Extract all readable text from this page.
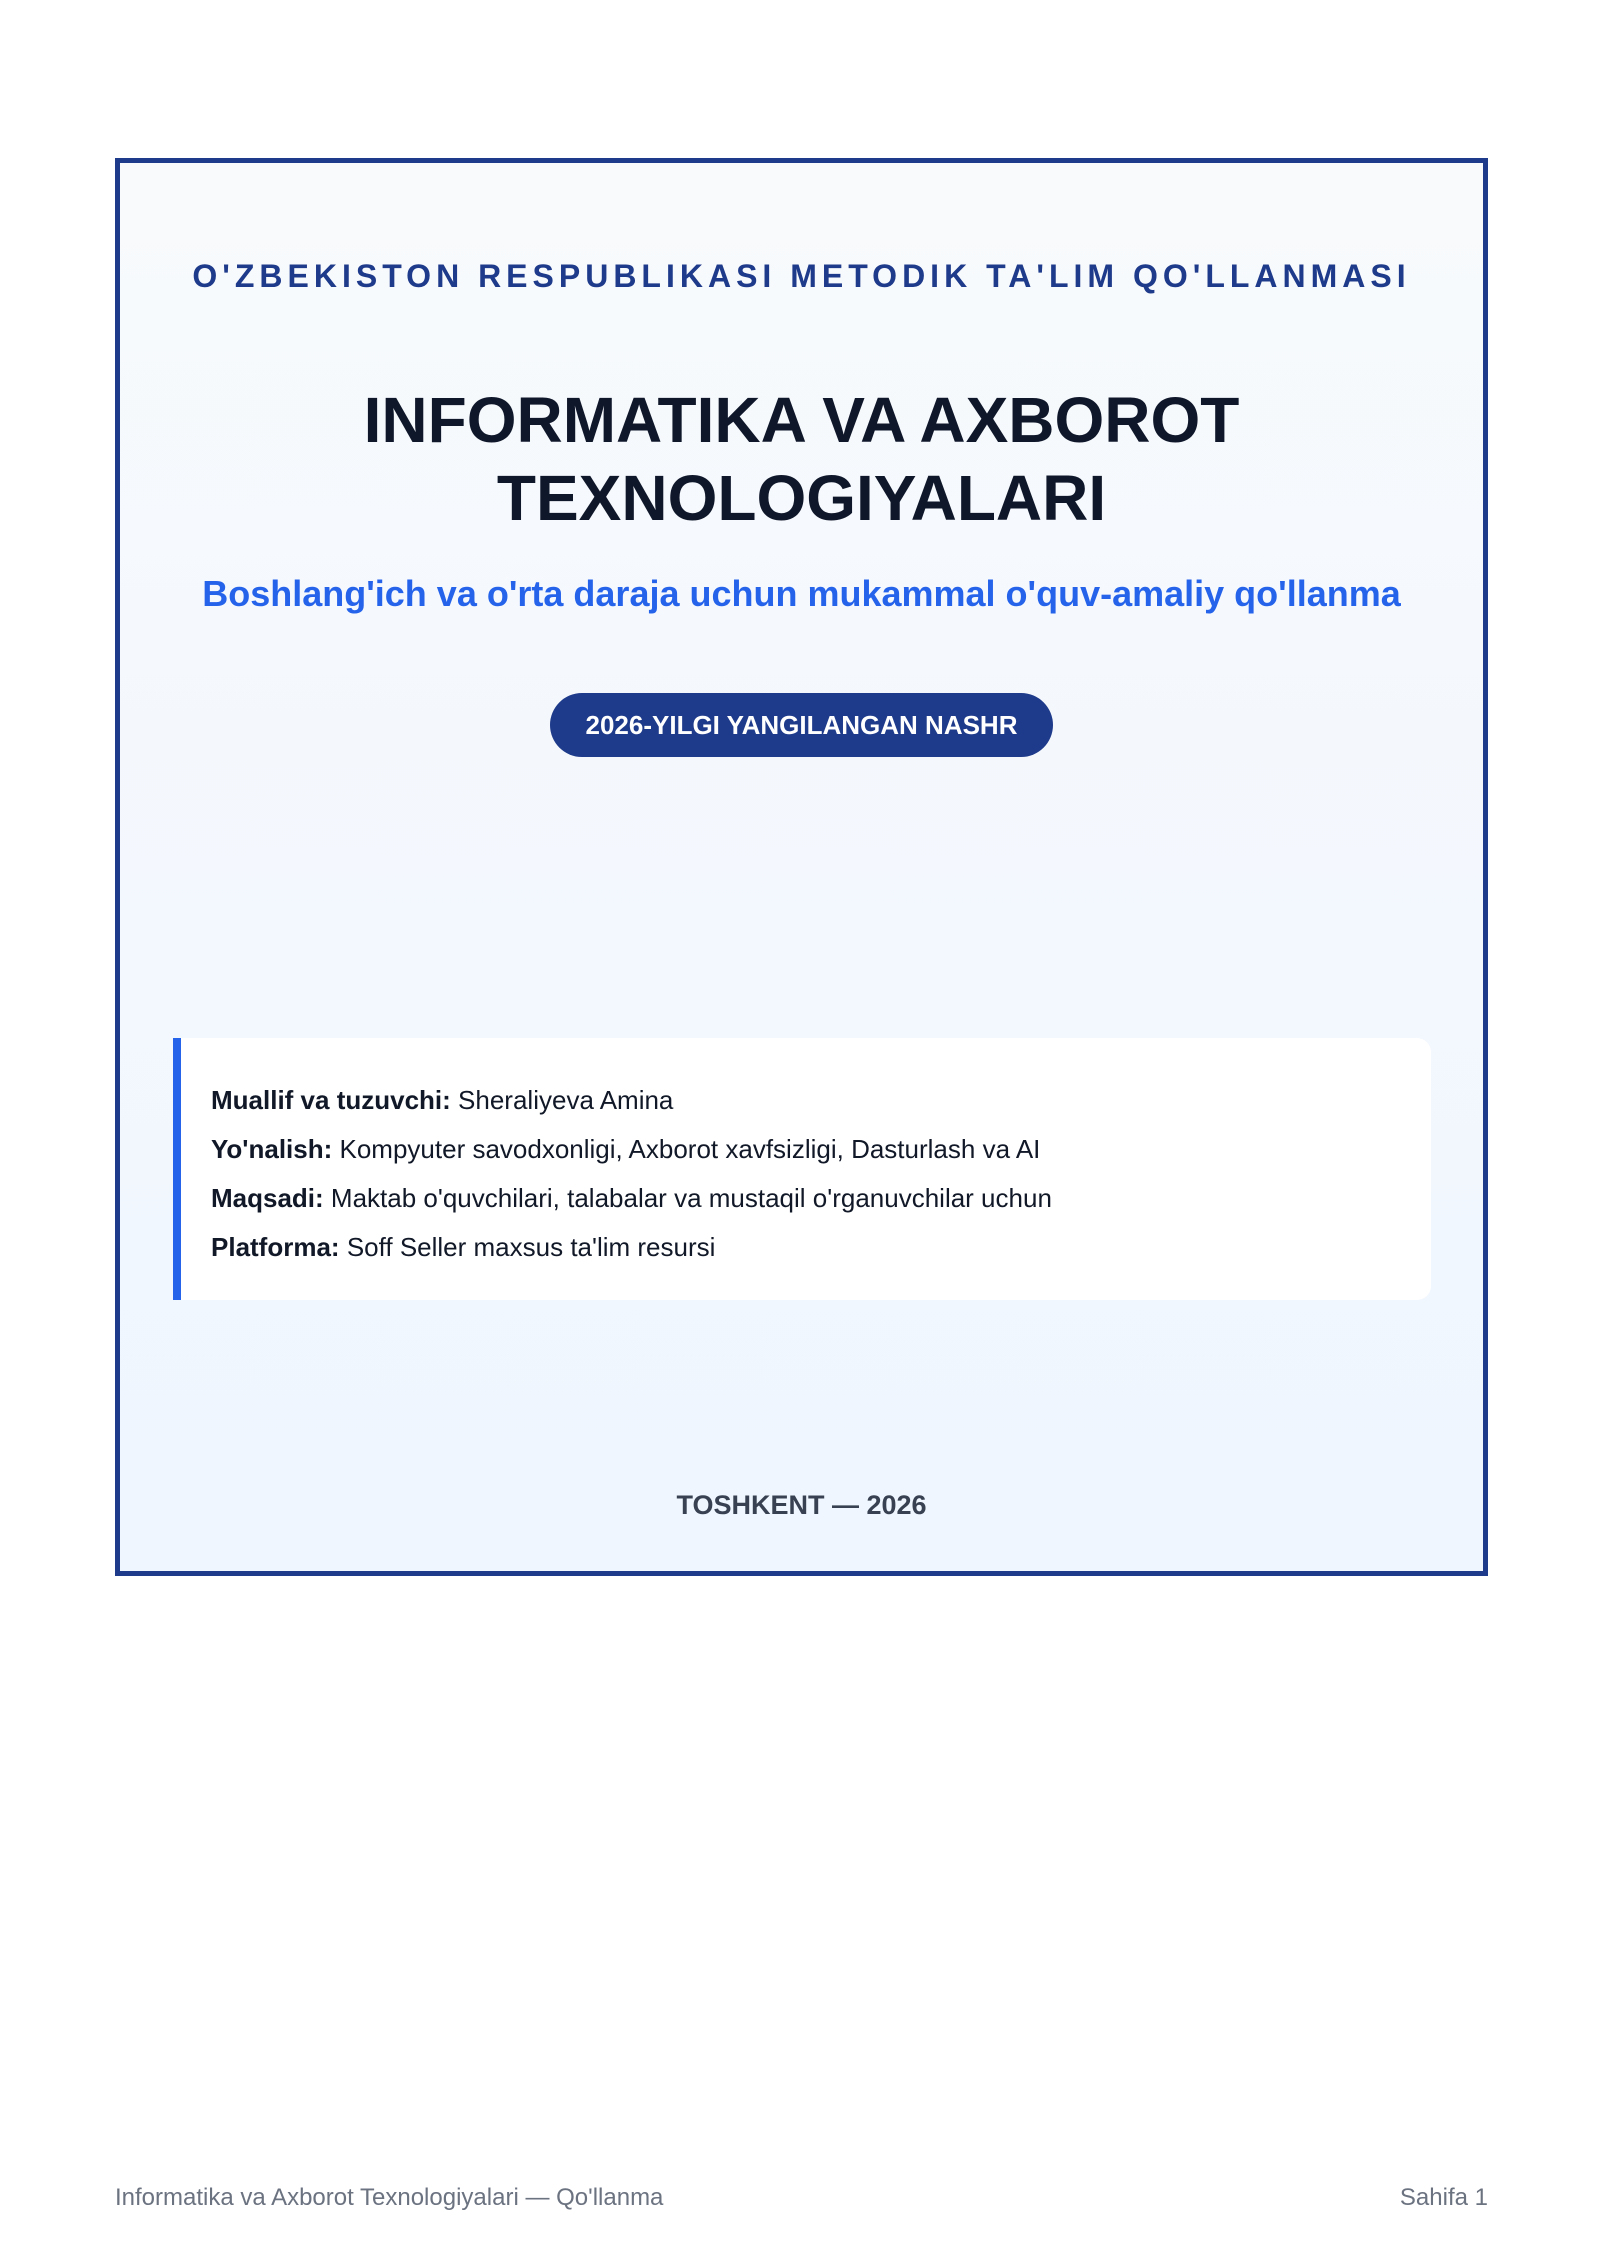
O'ZBEKISTON RESPUBLIKASI METODIK TA'LIM QO'LLANMASI
INFORMATIKA VA AXBOROT
TEXNOLOGIYALARI
Boshlang'ich va o'rta daraja uchun mukammal o'quv-amaliy qo'llanma
2026-YILGI YANGILANGAN NASHR
Muallif va tuzuvchi: Sheraliyeva Amina
Yo'nalish: Kompyuter savodxonligi, Axborot xavfsizligi, Dasturlash va AI
Maqsadi: Maktab o'quvchilari, talabalar va mustaqil o'rganuvchilar uchun
Platforma: Soff Seller maxsus ta'lim resursi
TOSHKENT — 2026
Informatika va Axborot Texnologiyalari — Qo'llanma	Sahifa 1
